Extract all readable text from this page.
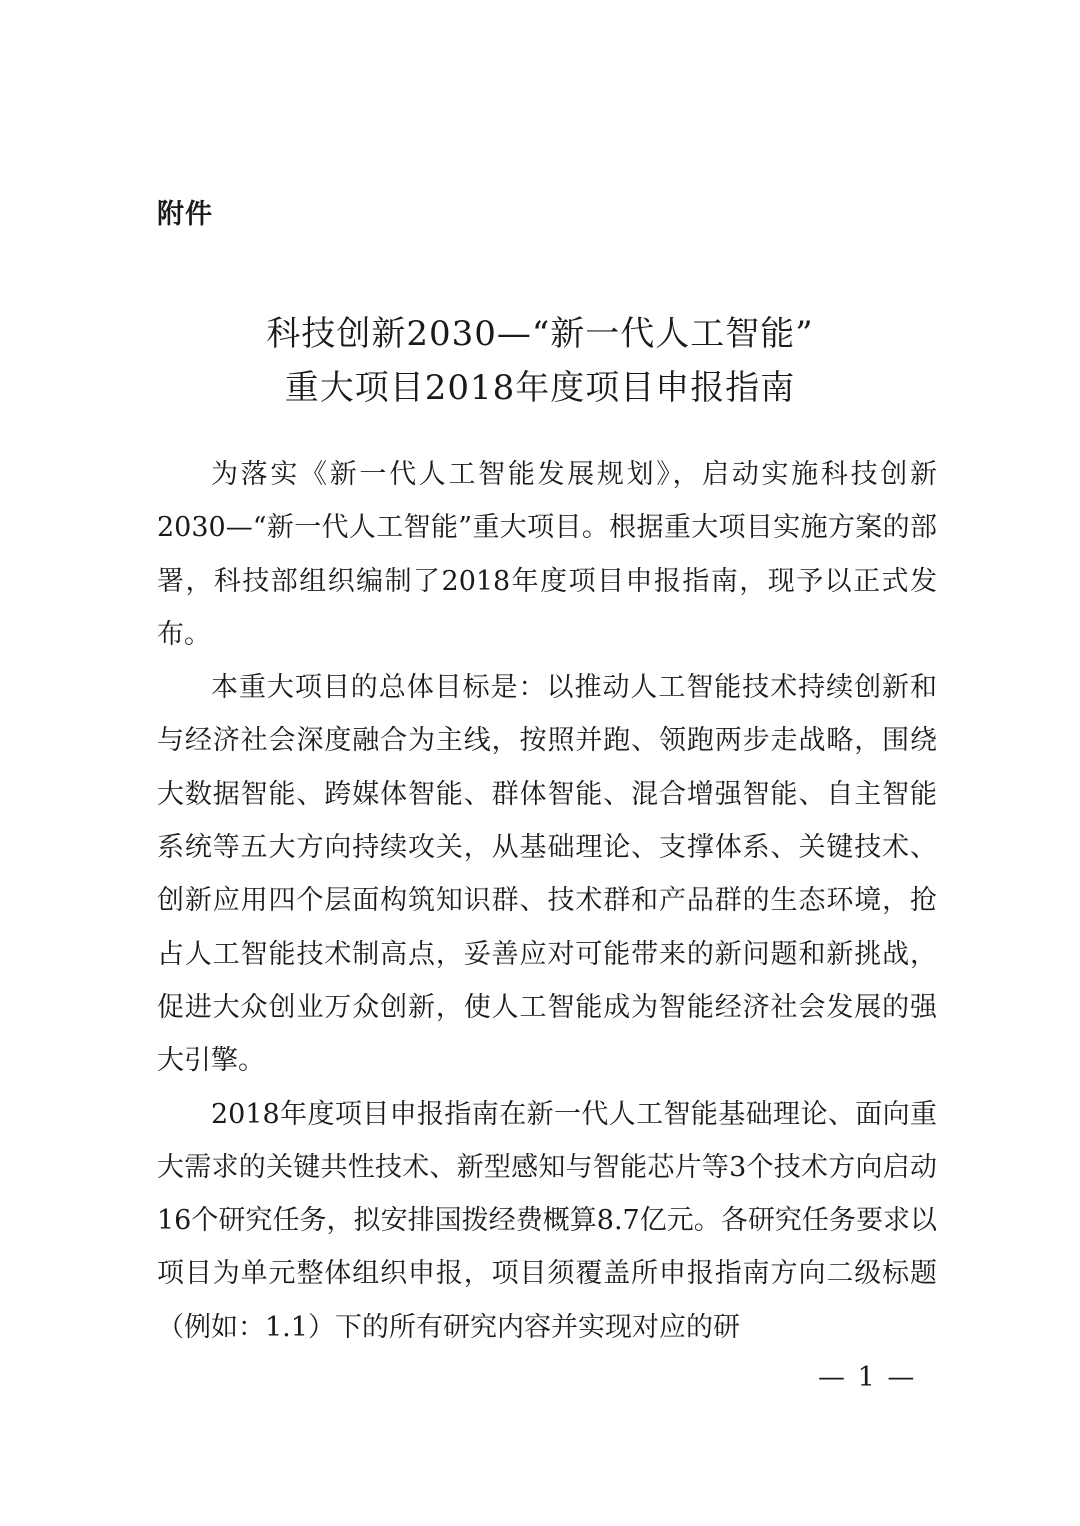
附件
科技创新2030—“新一代人工智能”
重大项目2018年度项目申报指南

为落实《新一代人工智能发展规划》，启动实施科技创新2030—“新一代人工智能”重大项目。根据重大项目实施方案的部署，科技部组织编制了2018年度项目申报指南，现予以正式发布。

本重大项目的总体目标是：以推动人工智能技术持续创新和与经济社会深度融合为主线，按照并跑、领跑两步走战略，围绕大数据智能、跨媒体智能、群体智能、混合增强智能、自主智能系统等五大方向持续攻关，从基础理论、支撑体系、关键技术、创新应用四个层面构筑知识群、技术群和产品群的生态环境，抢占人工智能技术制高点，妥善应对可能带来的新问题和新挑战，促进大众创业万众创新，使人工智能成为智能经济社会发展的强大引擎。

2018年度项目申报指南在新一代人工智能基础理论、面向重大需求的关键共性技术、新型感知与智能芯片等3个技术方向启动16个研究任务，拟安排国拨经费概算8.7亿元。各研究任务要求以项目为单元整体组织申报，项目须覆盖所申报指南方向二级标题（例如：1.1）下的所有研究内容并实现对应的研

— 1 —
